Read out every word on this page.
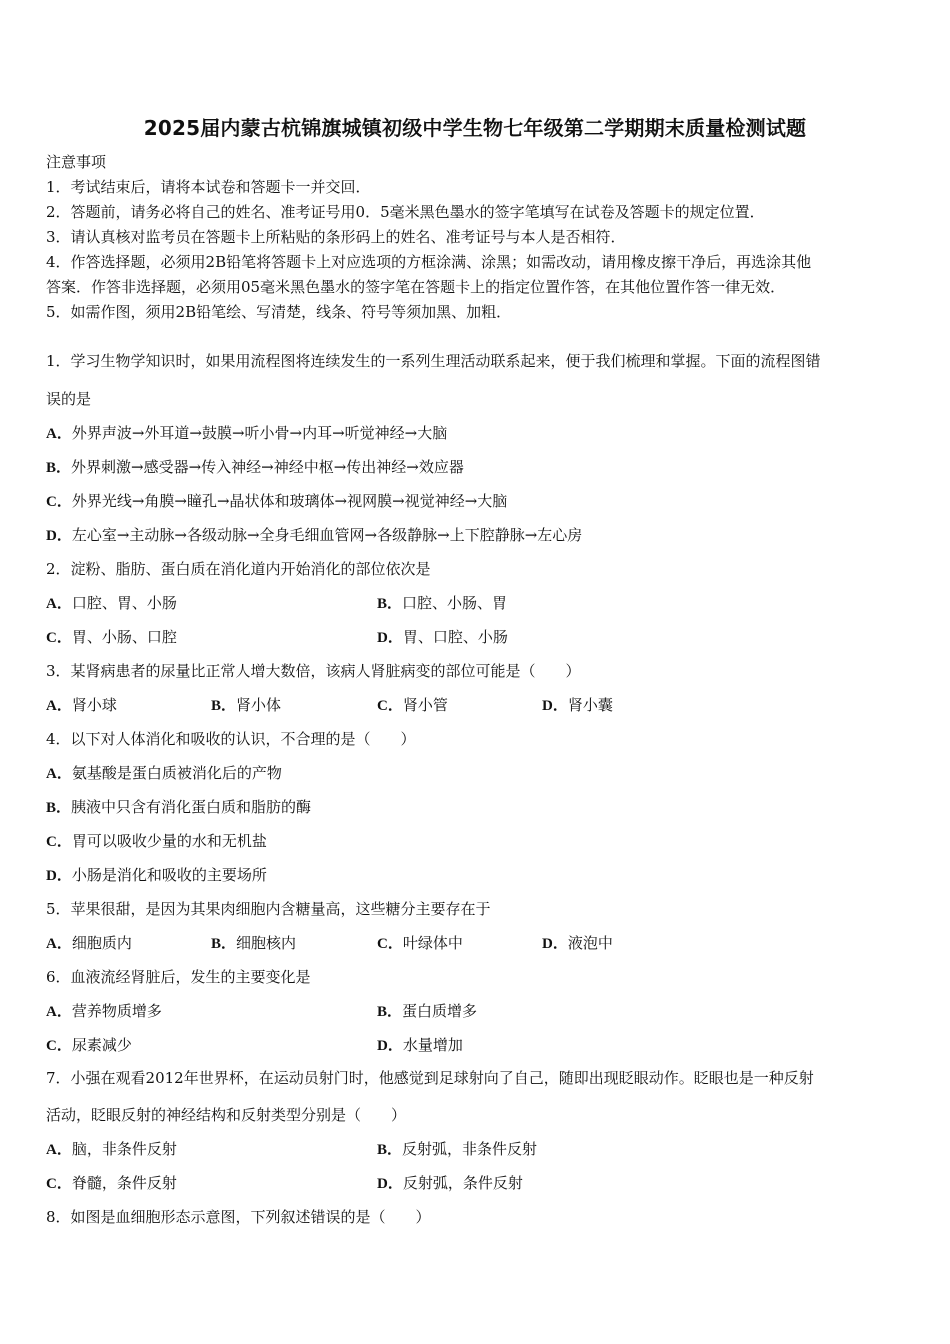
2025届内蒙古杭锦旗城镇初级中学生物七年级第二学期期末质量检测试题
注意事项
1．考试结束后，请将本试卷和答题卡一并交回．
2．答题前，请务必将自己的姓名、准考证号用0．5毫米黑色墨水的签字笔填写在试卷及答题卡的规定位置．
3．请认真核对监考员在答题卡上所粘贴的条形码上的姓名、准考证号与本人是否相符．
4．作答选择题，必须用2B铅笔将答题卡上对应选项的方框涂满、涂黑；如需改动，请用橡皮擦干净后，再选涂其他
答案．作答非选择题，必须用05毫米黑色墨水的签字笔在答题卡上的指定位置作答，在其他位置作答一律无效．
5．如需作图，须用2B铅笔绘、写清楚，线条、符号等须加黑、加粗．
1．学习生物学知识时，如果用流程图将连续发生的一系列生理活动联系起来，便于我们梳理和掌握。下面的流程图错
误的是
A．外界声波→外耳道→鼓膜→听小骨→内耳→听觉神经→大脑
B．外界刺激→感受器→传入神经→神经中枢→传出神经→效应器
C．外界光线→角膜→瞳孔→晶状体和玻璃体→视网膜→视觉神经→大脑
D．左心室→主动脉→各级动脉→全身毛细血管网→各级静脉→上下腔静脉→左心房
2．淀粉、脂肪、蛋白质在消化道内开始消化的部位依次是
A．口腔、胃、小肠	B．口腔、小肠、胃
C．胃、小肠、口腔	D．胃、口腔、小肠
3．某肾病患者的尿量比正常人增大数倍，该病人肾脏病变的部位可能是（　　）
A．肾小球	B．肾小体	C．肾小管	D．肾小囊
4．以下对人体消化和吸收的认识，不合理的是（　　）
A．氨基酸是蛋白质被消化后的产物
B．胰液中只含有消化蛋白质和脂肪的酶
C．胃可以吸收少量的水和无机盐
D．小肠是消化和吸收的主要场所
5．苹果很甜，是因为其果肉细胞内含糖量高，这些糖分主要存在于
A．细胞质内	B．细胞核内	C．叶绿体中	D．液泡中
6．血液流经肾脏后，发生的主要变化是
A．营养物质增多	B．蛋白质增多
C．尿素减少	D．水量增加
7．小强在观看2012年世界杯，在运动员射门时，他感觉到足球射向了自己，随即出现眨眼动作。眨眼也是一种反射
活动，眨眼反射的神经结构和反射类型分别是（　　）
A．脑，非条件反射	B．反射弧，非条件反射
C．脊髓，条件反射	D．反射弧，条件反射
8．如图是血细胞形态示意图，下列叙述错误的是（　　）
